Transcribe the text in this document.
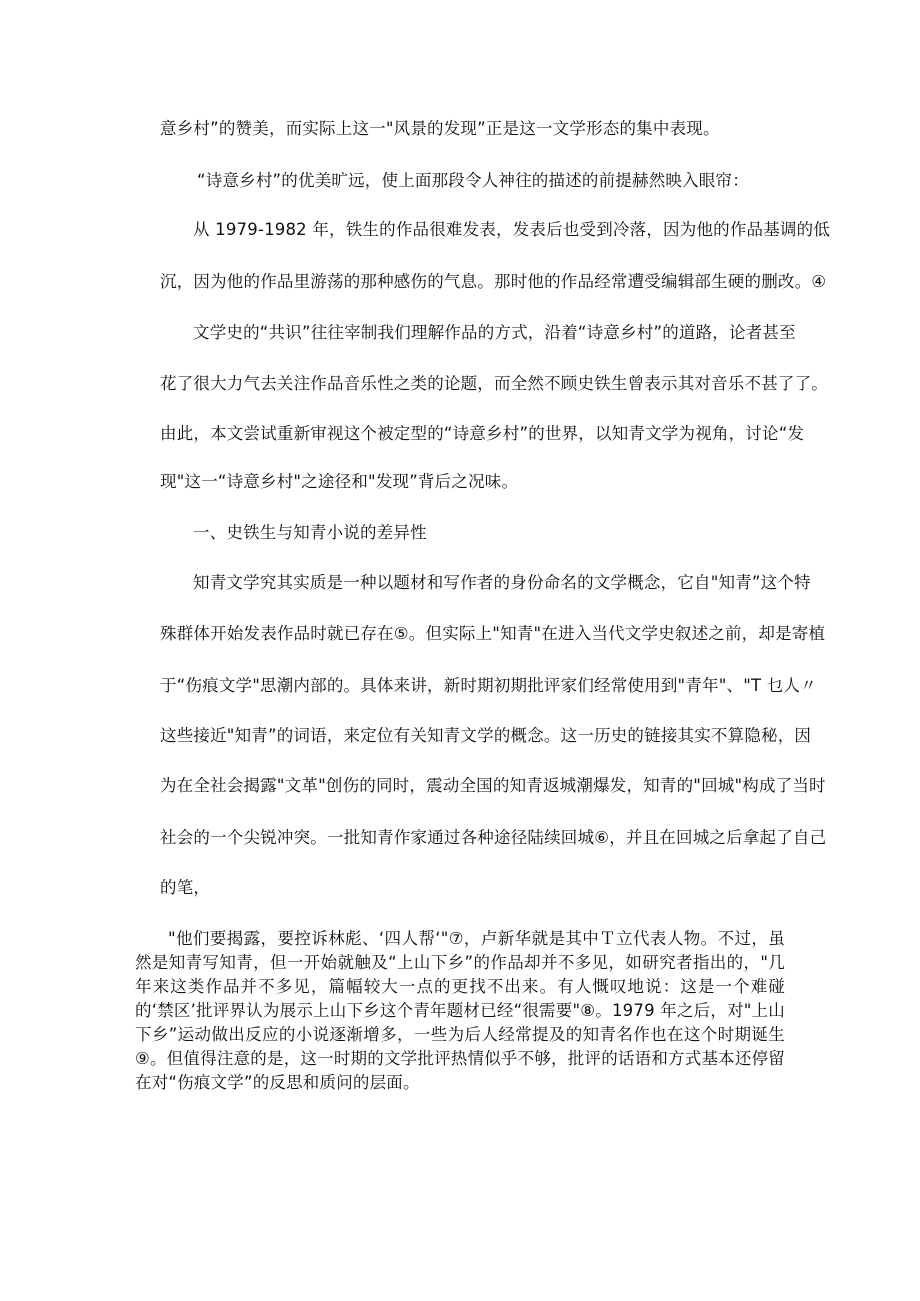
意乡村”的赞美，而实际上这一"风景的发现”正是这一文学形态的集中表现。
“诗意乡村”的优美旷远，使上面那段令人神往的描述的前提赫然映入眼帘：
从 1979-1982 年，铁生的作品很难发表，发表后也受到冷落，因为他的作品基调的低
沉，因为他的作品里游荡的那种感伤的气息。那时他的作品经常遭受编辑部生硬的删改。④
文学史的“共识”往往宰制我们理解作品的方式，沿着“诗意乡村”的道路，论者甚至
花了很大力气去关注作品音乐性之类的论题，而全然不顾史铁生曾表示其对音乐不甚了了。
由此，本文尝试重新审视这个被定型的“诗意乡村”的世界，以知青文学为视角，讨论“发
现"这一“诗意乡村"之途径和"发现”背后之况味。
一、史铁生与知青小说的差异性
知青文学究其实质是一种以题材和写作者的身份命名的文学概念，它自"知青”这个特
殊群体开始发表作品时就已存在⑤。但实际上"知青"在进入当代文学史叙述之前，却是寄植
于“伤痕文学"思潮内部的。具体来讲，新时期初期批评家们经常使用到"青年"、"T 乜人〃
这些接近"知青”的词语，来定位有关知青文学的概念。这一历史的链接其实不算隐秘，因
为在全社会揭露"文革"创伤的同时，震动全国的知青返城潮爆发，知青的"回城"构成了当时
社会的一个尖锐冲突。一批知青作家通过各种途径陆续回城⑥，并且在回城之后拿起了自己
的笔，

"他们要揭露，要控诉林彪、‘四人帮‘"⑦，卢新华就是其中Ｔ立代表人物。不过，虽然是知青写知青，但一开始就触及“上山下乡”的作品却并不多见，如研究者指出的，"几年来这类作品并不多见，篇幅较大一点的更找不出来。有人慨叹地说：这是一个难碰的‘禁区’批评界认为展示上山下乡这个青年题材已经“很需要"⑧。1979 年之后，对"上山下乡”运动做出反应的小说逐渐增多，一些为后人经常提及的知青名作也在这个时期诞生⑨。但值得注意的是，这一时期的文学批评热情似乎不够，批评的话语和方式基本还停留在对“伤痕文学”的反思和质问的层面。
